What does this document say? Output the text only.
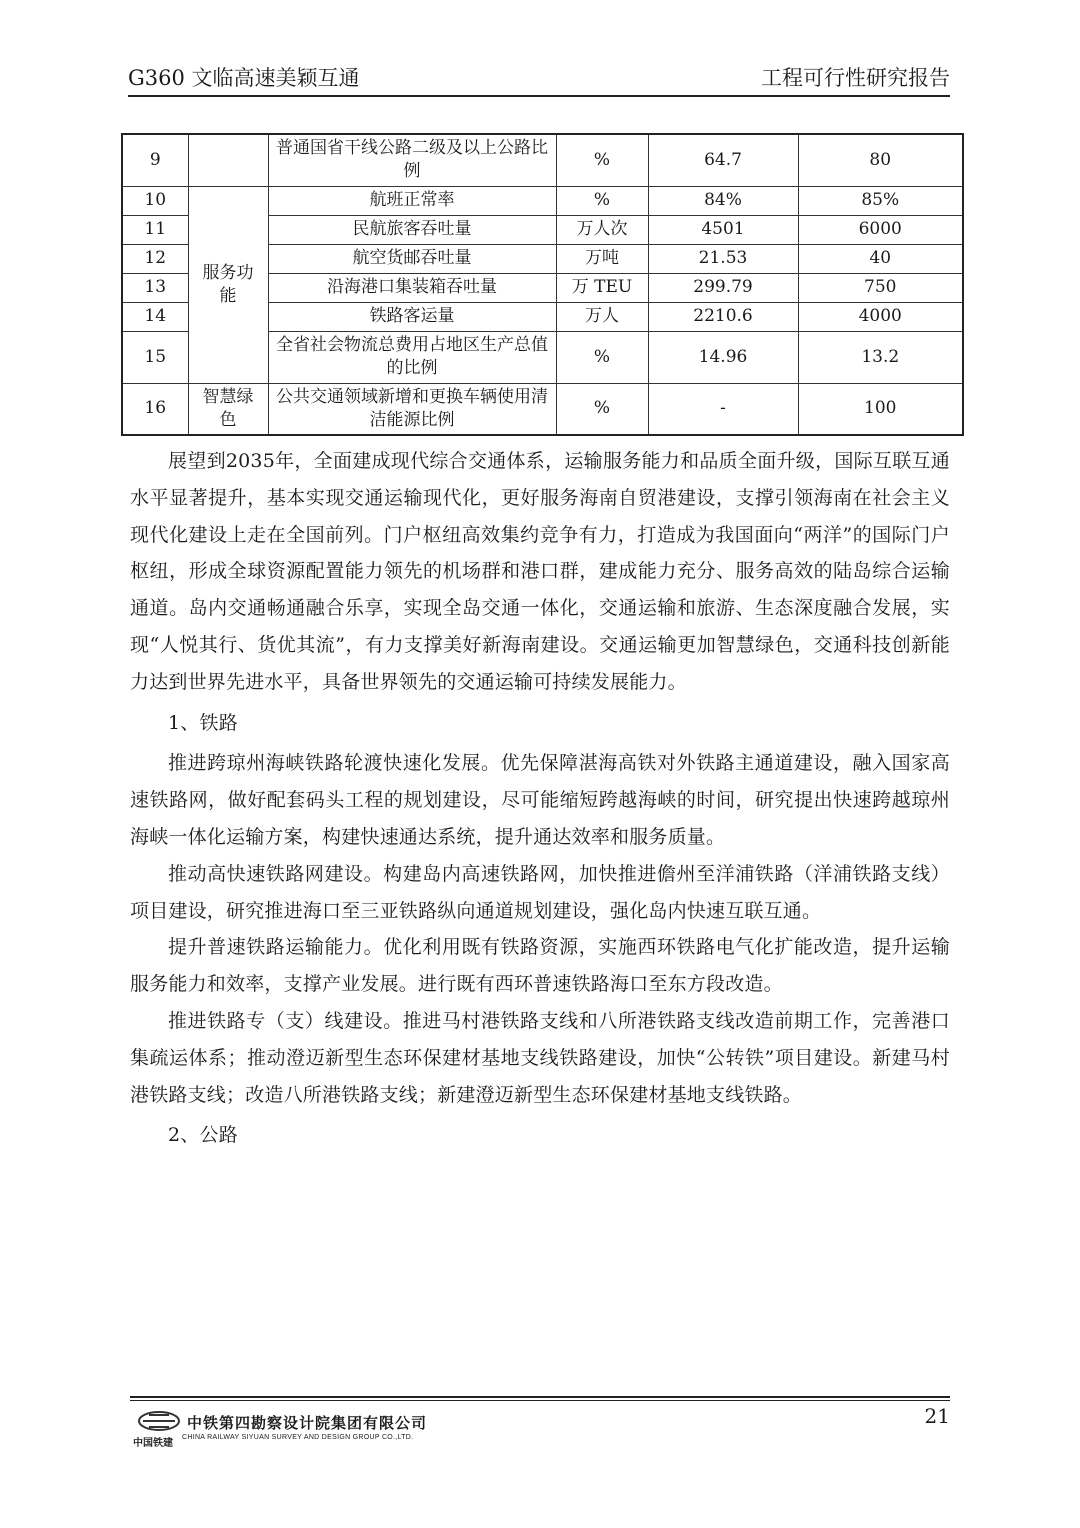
G360 文临高速美颖互通	工程可行性研究报告
9		普通国省干线公路二级及以上公路比例	%	64.7	80
10	服务功能	航班正常率	%	84%	85%
11		民航旅客吞吐量	万人次	4501	6000
12		航空货邮吞吐量	万吨	21.53	40
13		沿海港口集装箱吞吐量	万 TEU	299.79	750
14		铁路客运量	万人	2210.6	4000
15		全省社会物流总费用占地区生产总值的比例	%	14.96	13.2
16	智慧绿色	公共交通领域新增和更换车辆使用清洁能源比例	%	-	100

展望到2035年，全面建成现代综合交通体系，运输服务能力和品质全面升级，国际互联互通水平显著提升，基本实现交通运输现代化，更好服务海南自贸港建设，支撑引领海南在社会主义现代化建设上走在全国前列。门户枢纽高效集约竞争有力，打造成为我国面向“两洋”的国际门户枢纽，形成全球资源配置能力领先的机场群和港口群，建成能力充分、服务高效的陆岛综合运输通道。岛内交通畅通融合乐享，实现全岛交通一体化，交通运输和旅游、生态深度融合发展，实现“人悦其行、货优其流”，有力支撑美好新海南建设。交通运输更加智慧绿色，交通科技创新能力达到世界先进水平，具备世界领先的交通运输可持续发展能力。

1、铁路

推进跨琼州海峡铁路轮渡快速化发展。优先保障湛海高铁对外铁路主通道建设，融入国家高速铁路网，做好配套码头工程的规划建设，尽可能缩短跨越海峡的时间，研究提出快速跨越琼州海峡一体化运输方案，构建快速通达系统，提升通达效率和服务质量。

推动高快速铁路网建设。构建岛内高速铁路网，加快推进儋州至洋浦铁路（洋浦铁路支线）项目建设，研究推进海口至三亚铁路纵向通道规划建设，强化岛内快速互联互通。

提升普速铁路运输能力。优化利用既有铁路资源，实施西环铁路电气化扩能改造，提升运输服务能力和效率，支撑产业发展。进行既有西环普速铁路海口至东方段改造。

推进铁路专（支）线建设。推进马村港铁路支线和八所港铁路支线改造前期工作，完善港口集疏运体系；推动澄迈新型生态环保建材基地支线铁路建设，加快“公转铁”项目建设。新建马村港铁路支线；改造八所港铁路支线；新建澄迈新型生态环保建材基地支线铁路。

2、公路

中国铁建
中铁第四勘察设计院集团有限公司
CHINA RAILWAY SIYUAN SURVEY AND DESIGN GROUP CO.,LTD.
21
